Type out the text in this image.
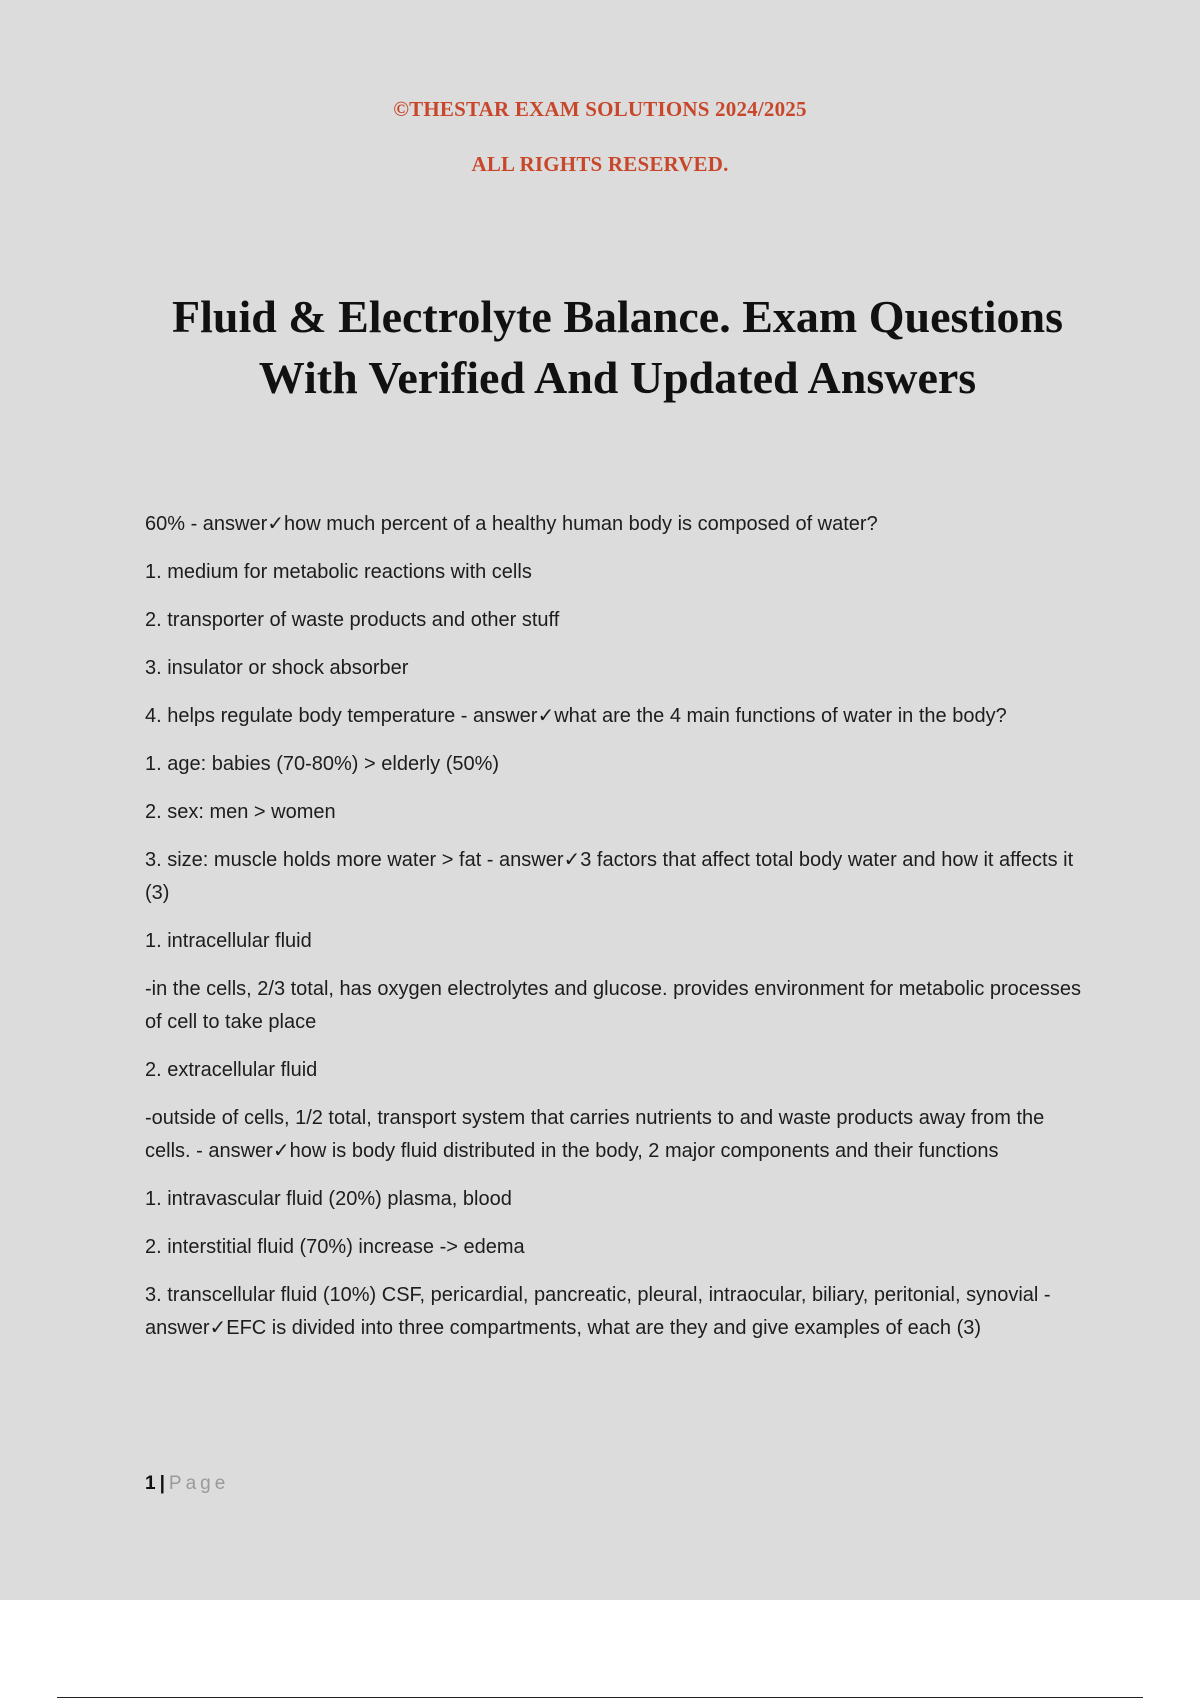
©THESTAR EXAM SOLUTIONS 2024/2025
ALL RIGHTS RESERVED.
Fluid & Electrolyte Balance. Exam Questions
With Verified And Updated Answers

60% - answer✓how much percent of a healthy human body is composed of water?

1. medium for metabolic reactions with cells

2. transporter of waste products and other stuff

3. insulator or shock absorber

4. helps regulate body temperature - answer✓what are the 4 main functions of water in the body?

1. age: babies (70-80%) > elderly (50%)

2. sex: men > women

3. size: muscle holds more water > fat - answer✓3 factors that affect total body water and how it affects it (3)

1. intracellular fluid

-in the cells, 2/3 total, has oxygen electrolytes and glucose. provides environment for metabolic processes of cell to take place

2. extracellular fluid

-outside of cells, 1/2 total, transport system that carries nutrients to and waste products away from the cells. - answer✓how is body fluid distributed in the body, 2 major components and their functions

1. intravascular fluid (20%) plasma, blood

2. interstitial fluid (70%) increase -> edema

3. transcellular fluid (10%) CSF, pericardial, pancreatic, pleural, intraocular, biliary, peritonial, synovial - answer✓EFC is divided into three compartments, what are they and give examples of each (3)

1 | Page
